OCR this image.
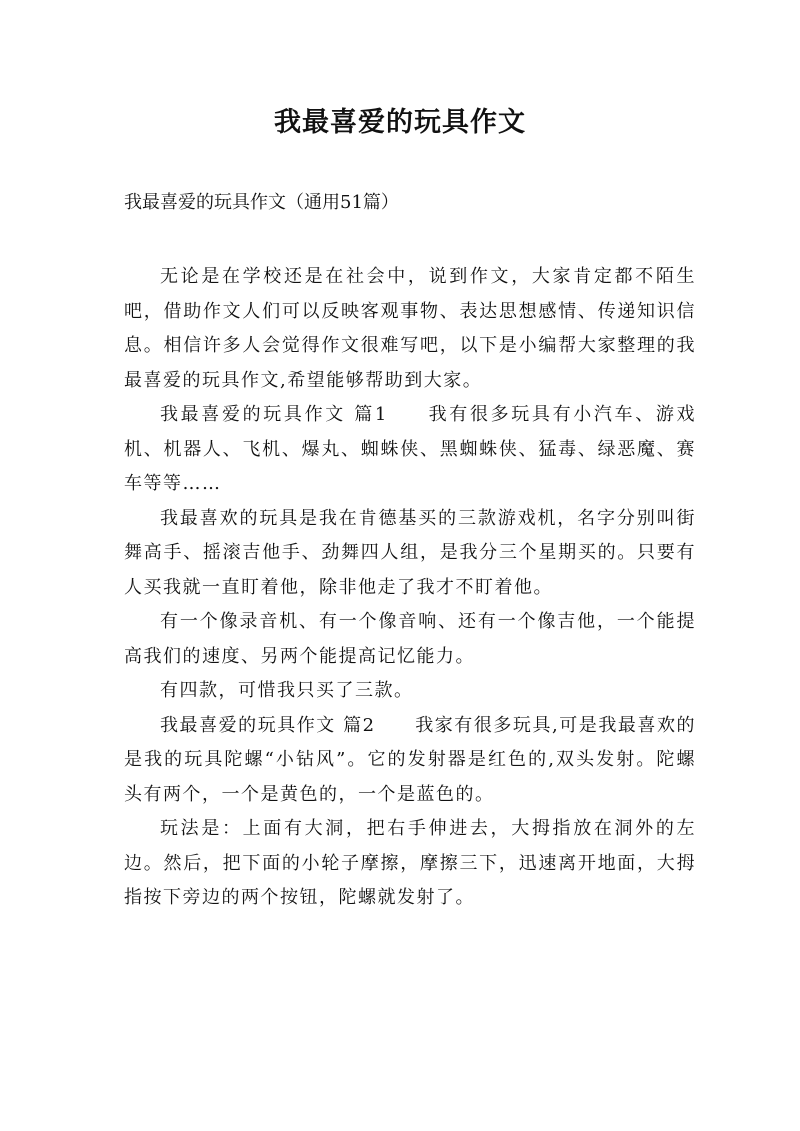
我最喜爱的玩具作文

我最喜爱的玩具作文（通用51篇）

无论是在学校还是在社会中，说到作文，大家肯定都不陌生吧，借助作文人们可以反映客观事物、表达思想感情、传递知识信息。相信许多人会觉得作文很难写吧，以下是小编帮大家整理的我最喜爱的玩具作文,希望能够帮助到大家。

我最喜爱的玩具作文 篇1 我有很多玩具有小汽车、游戏机、机器人、飞机、爆丸、蜘蛛侠、黑蜘蛛侠、猛毒、绿恶魔、赛车等等……

我最喜欢的玩具是我在肯德基买的三款游戏机，名字分别叫街舞高手、摇滚吉他手、劲舞四人组，是我分三个星期买的。只要有人买我就一直盯着他，除非他走了我才不盯着他。

有一个像录音机、有一个像音响、还有一个像吉他，一个能提高我们的速度、另两个能提高记忆能力。

有四款，可惜我只买了三款。

我最喜爱的玩具作文 篇2 我家有很多玩具,可是我最喜欢的是我的玩具陀螺“小钻风”。它的发射器是红色的,双头发射。陀螺头有两个，一个是黄色的，一个是蓝色的。

玩法是：上面有大洞，把右手伸进去，大拇指放在洞外的左边。然后，把下面的小轮子摩擦，摩擦三下，迅速离开地面，大拇指按下旁边的两个按钮，陀螺就发射了。
